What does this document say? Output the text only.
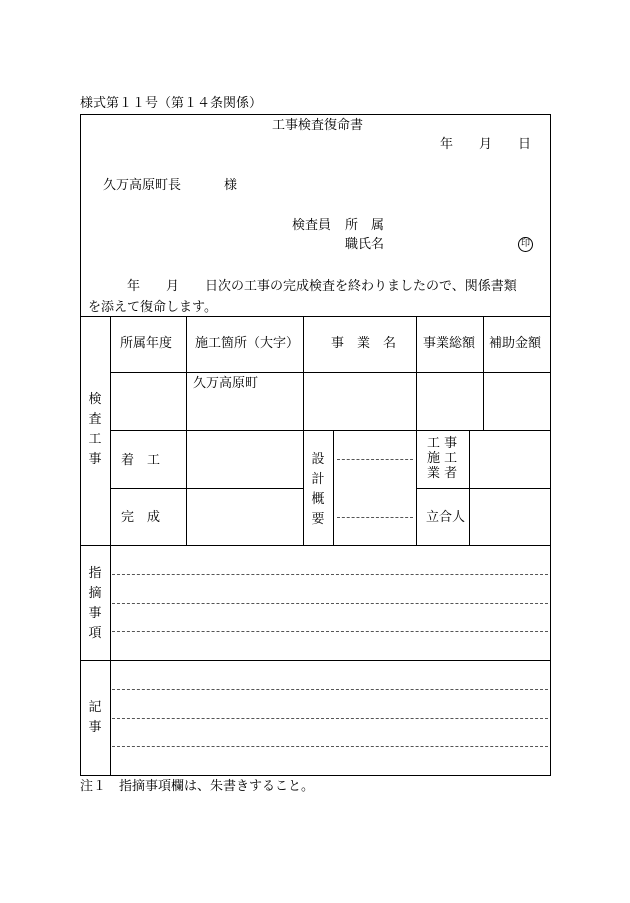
様式第１１号（第１４条関係）
工事検査復命書
年 月 日
久万高原町長	様
検査員 所　属
職氏名	印
　　　年　　月　　日次の工事の完成検査を終わりましたので、関係書類
を添えて復命します。
検査工事
指摘事項
記事
設計概要
所属年度 施工箇所（大字） 事　業　名 事業総額 補助金額
久万高原町
着　工
完　成
工 事
施 工
業 者
立合人
注１　指摘事項欄は、朱書きすること。
